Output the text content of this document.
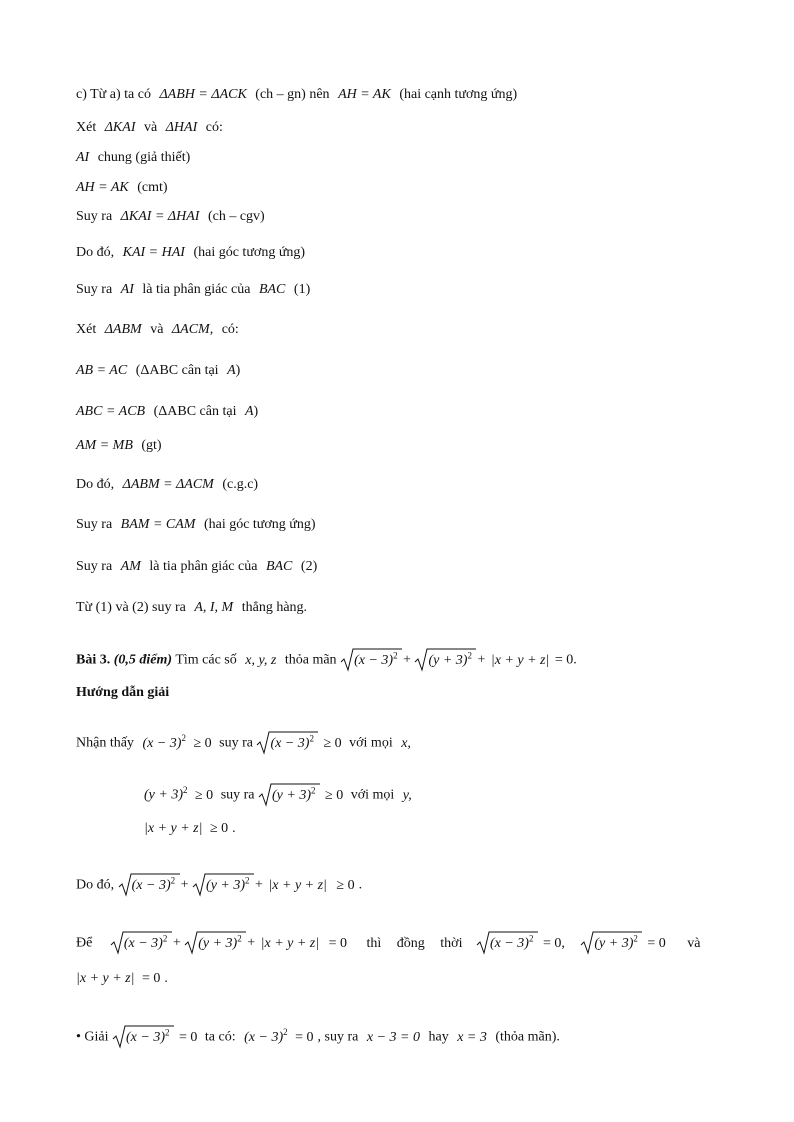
c) Từ a) ta có ΔABH = ΔACK (ch – gn) nên AH = AK (hai cạnh tương ứng)
Xét ΔKAI và ΔHAI có:
AI chung (giả thiết)
AH = AK (cmt)
Suy ra ΔKAI = ΔHAI (ch – cgv)
Do đó, KAI = HAI (hai góc tương ứng)
Suy ra AI là tia phân giác của BAC (1)
Xét ΔABM và ΔACM, có:
AB = AC (ΔABC cân tại A)
ABC = ACB (ΔABC cân tại A)
AM = MB (gt)
Do đó, ΔABM = ΔACM (c.g.c)
Suy ra BAM = CAM (hai góc tương ứng)
Suy ra AM là tia phân giác của BAC (2)
Từ (1) và (2) suy ra A, I, M thẳng hàng.
Bài 3. (0,5 điểm) Tìm các số x, y, z thỏa mãn $(x - 3)^2 + (y + 3)^2 + |x + y + z| = 0$.
Hướng dẫn giải
Nhận thấy $(x - 3)^2 \ge 0$ suy ra $(x - 3)^2 \ge 0$ với mọi x,
$(y + 3)^2 \ge 0$ suy ra $(y + 3)^2 \ge 0$ với mọi y,
|x + y + z| ≥ 0 .
Do đó, $(x - 3)^2 + (y + 3)^2 + |x + y + z| \ge 0$ .
Để $(x - 3)^2 + (y + 3)^2 + |x + y + z| = 0$ thì đồng thời $(x - 3)^2 = 0$, $(y + 3)^2 = 0$ và
|x + y + z| = 0 .
• Giải $(x - 3)^2 = 0$ ta có: $(x - 3)^2 = 0$ , suy ra x − 3 = 0 hay x = 3 (thỏa mãn).
